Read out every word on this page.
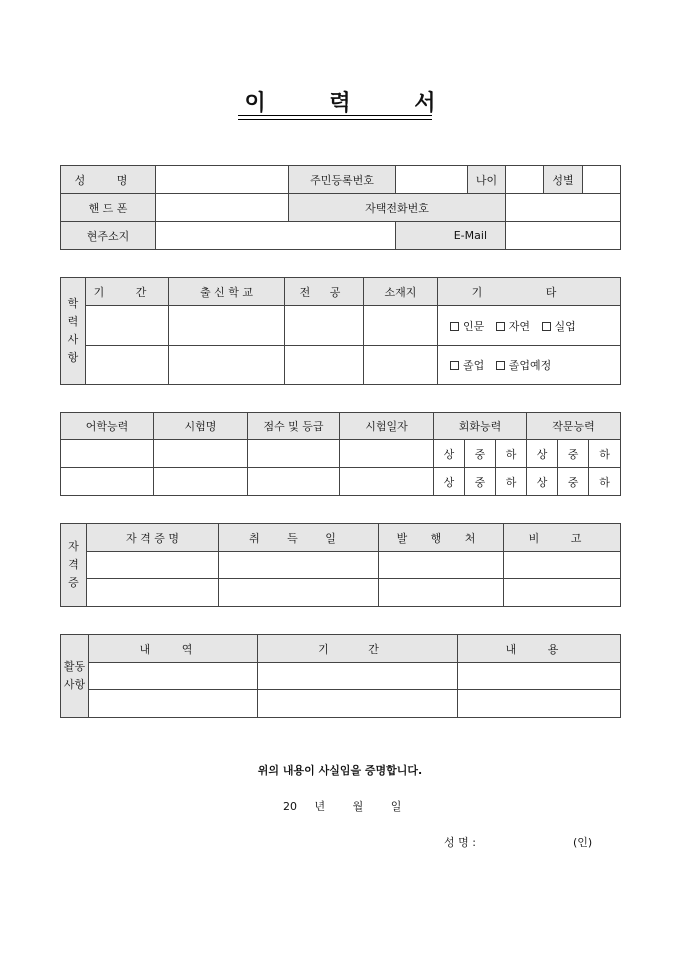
이 력 서
성 명		주민등록번호		나이		성별	
핸 드 폰		자택전화번호					
현주소지			E-Mail				
학 력 사 항	기 간	출 신 학 교	전 공	소재지	기 타
					인문 자연 실업
					졸업 졸업예정
어학능력	시험명	점수 및 등급	시험일자	회화능력			작문능력		
				상	중	하	상	중	하
				상	중	하	상	중	하
자 격 증	자 격 증 명	취 득 일	발 행 처	비 고

활동 사항	내 역	기 간	내 용

위의 내용이 사실임을 증명합니다.
20 년	월	일
성 명 :	(인)
